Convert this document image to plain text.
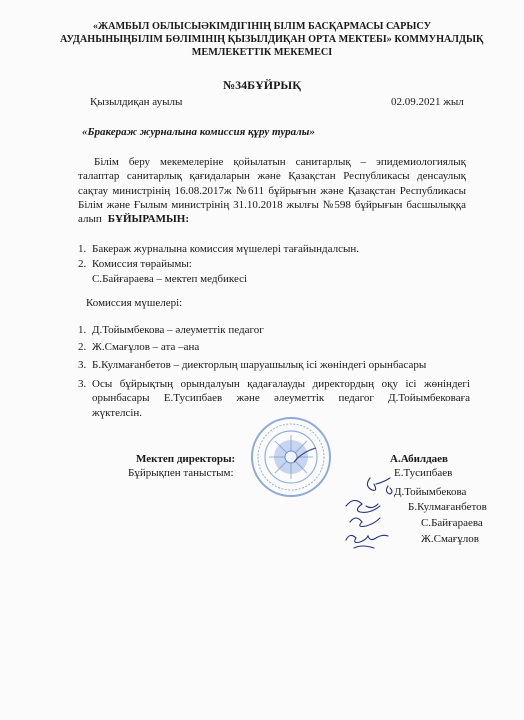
«ЖАМБЫЛ ОБЛЫСЫӘКІМДІГІНІҢ БІЛІМ БАСҚАРМАСЫ САРЫСУ
АУДАНЫНЫҢБІЛІМ БӨЛІМІНІҢ ҚЫЗЫЛДИҚАН ОРТА МЕКТЕБІ» КОММУНАЛДЫҚ
МЕМЛЕКЕТТІК МЕКЕМЕСІ
№34БҰЙРЫҚ
Қызылдиқан ауылы	02.09.2021 жыл
«Бракераж журналына комиссия құру туралы»
Білім беру мекемелеріне қойылатын санитарлық – эпидемиологиялық
талаптар санитарлық қағидаларын және Қазақстан Республикасы денсаулық
сақтау министрінің 16.08.2017ж №611 бұйрығын және Қазақстан Республикасы
Білім және Ғылым министрінің 31.10.2018 жылғы №598 бұйрығын басшылыққа
алып БҰЙЫРАМЫН:
1. Бакераж журналына комиссия мүшелері тағайындалсын.
2. Комиссия төрайымы:
С.Байғараева – мектеп медбикесі
Комиссия мүшелері:
1. Д.Тойымбекова – әлеуметтік педагог
2. Ж.Смағұлов – ата –ана
3. Б.Кулмағанбетов – диекторлың шаруашылық ісі жөніндегі орынбасары
3. Осы бұйрықтың орындалуын қадағалауды директордың оқу ісі жөніндегі
орынбасары Е.Тусипбаев және әлеуметтік педагог Д.Тойымбековаға
жүктелсін.
Мектеп директоры:
Бұйрықпен таныстым:
А.Абилдаев
Е.Тусипбаев
Д.Тойымбекова
Б.Кулмағанбетов
С.Байғараева
Ж.Смағұлов
